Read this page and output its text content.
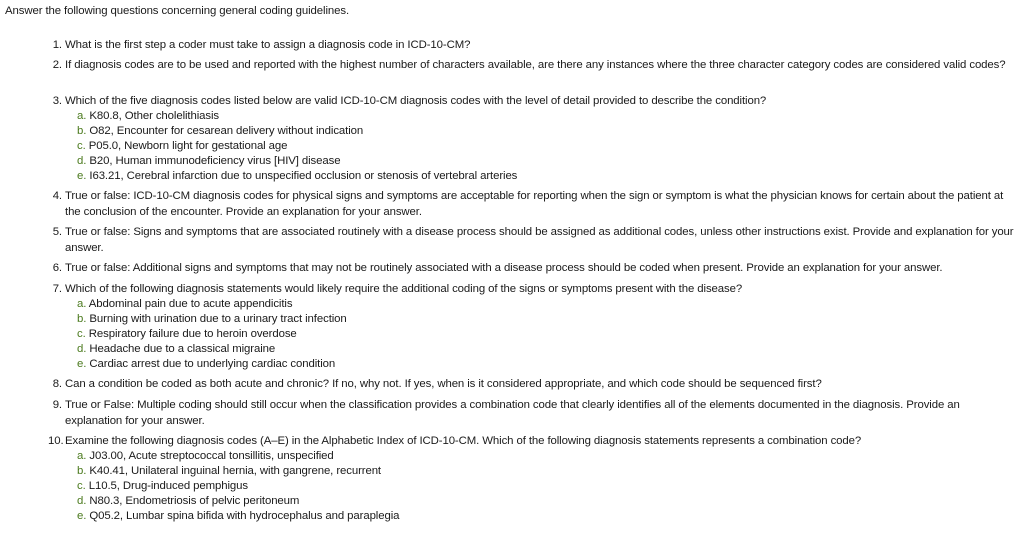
Answer the following questions concerning general coding guidelines.
1. What is the first step a coder must take to assign a diagnosis code in ICD-10-CM?
2. If diagnosis codes are to be used and reported with the highest number of characters available, are there any instances where the three character category codes are considered valid codes?
3. Which of the five diagnosis codes listed below are valid ICD-10-CM diagnosis codes with the level of detail provided to describe the condition?
a. K80.8, Other cholelithiasis
b. O82, Encounter for cesarean delivery without indication
c. P05.0, Newborn light for gestational age
d. B20, Human immunodeficiency virus [HIV] disease
e. I63.21, Cerebral infarction due to unspecified occlusion or stenosis of vertebral arteries
4. True or false: ICD-10-CM diagnosis codes for physical signs and symptoms are acceptable for reporting when the sign or symptom is what the physician knows for certain about the patient at the conclusion of the encounter. Provide an explanation for your answer.
5. True or false: Signs and symptoms that are associated routinely with a disease process should be assigned as additional codes, unless other instructions exist. Provide and explanation for your answer.
6. True or false: Additional signs and symptoms that may not be routinely associated with a disease process should be coded when present. Provide an explanation for your answer.
7. Which of the following diagnosis statements would likely require the additional coding of the signs or symptoms present with the disease?
a. Abdominal pain due to acute appendicitis
b. Burning with urination due to a urinary tract infection
c. Respiratory failure due to heroin overdose
d. Headache due to a classical migraine
e. Cardiac arrest due to underlying cardiac condition
8. Can a condition be coded as both acute and chronic? If no, why not. If yes, when is it considered appropriate, and which code should be sequenced first?
9. True or False: Multiple coding should still occur when the classification provides a combination code that clearly identifies all of the elements documented in the diagnosis. Provide an explanation for your answer.
10. Examine the following diagnosis codes (A–E) in the Alphabetic Index of ICD-10-CM. Which of the following diagnosis statements represents a combination code?
a. J03.00, Acute streptococcal tonsillitis, unspecified
b. K40.41, Unilateral inguinal hernia, with gangrene, recurrent
c. L10.5, Drug-induced pemphigus
d. N80.3, Endometriosis of pelvic peritoneum
e. Q05.2, Lumbar spina bifida with hydrocephalus and paraplegia
